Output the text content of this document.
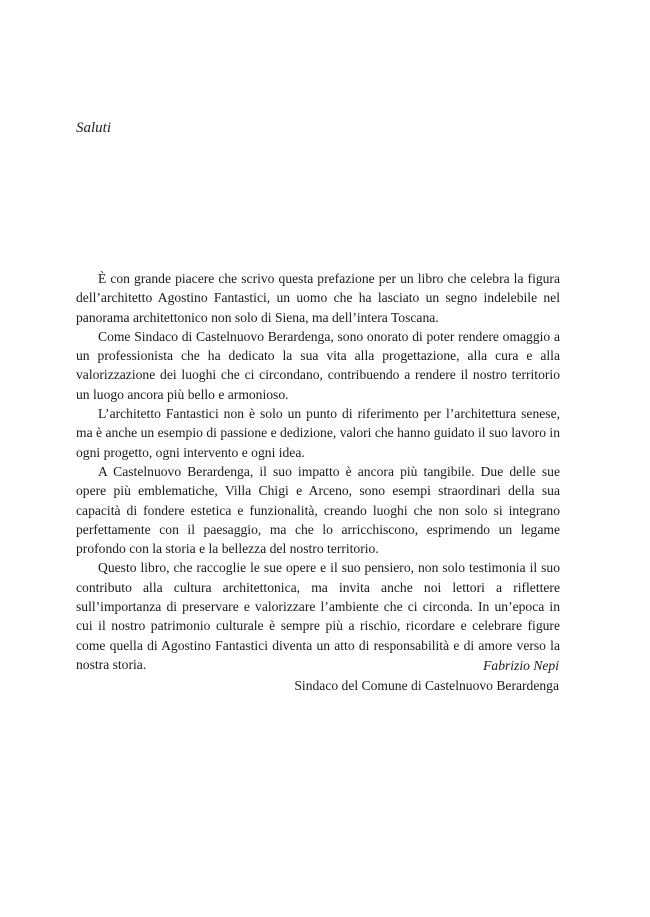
Saluti

È con grande piacere che scrivo questa prefazione per un libro che celebra la figura dell’architetto Agostino Fantastici, un uomo che ha lasciato un segno indelebile nel panorama architettonico non solo di Siena, ma dell’intera Toscana.

Come Sindaco di Castelnuovo Berardenga, sono onorato di poter rendere omaggio a un professionista che ha dedicato la sua vita alla progettazione, alla cura e alla valorizzazione dei luoghi che ci circondano, contribuendo a rendere il nostro territorio un luogo ancora più bello e armonioso.

L’architetto Fantastici non è solo un punto di riferimento per l’architettura senese, ma è anche un esempio di passione e dedizione, valori che hanno guidato il suo lavoro in ogni progetto, ogni intervento e ogni idea.

A Castelnuovo Berardenga, il suo impatto è ancora più tangibile. Due delle sue opere più emblematiche, Villa Chigi e Arceno, sono esempi straordinari della sua capacità di fondere estetica e funzionalità, creando luoghi che non solo si integrano perfettamente con il paesaggio, ma che lo arricchiscono, esprimendo un legame profondo con la storia e la bellezza del nostro territorio.

Questo libro, che raccoglie le sue opere e il suo pensiero, non solo testimonia il suo contributo alla cultura architettonica, ma invita anche noi lettori a riflettere sull’importanza di preservare e valorizzare l’ambiente che ci circonda. In un’epoca in cui il nostro patrimonio culturale è sempre più a rischio, ricordare e celebrare figure come quella di Agostino Fantastici diventa un atto di responsabilità e di amore verso la nostra storia.	Fabrizio Nepi
Sindaco del Comune di Castelnuovo Berardenga
